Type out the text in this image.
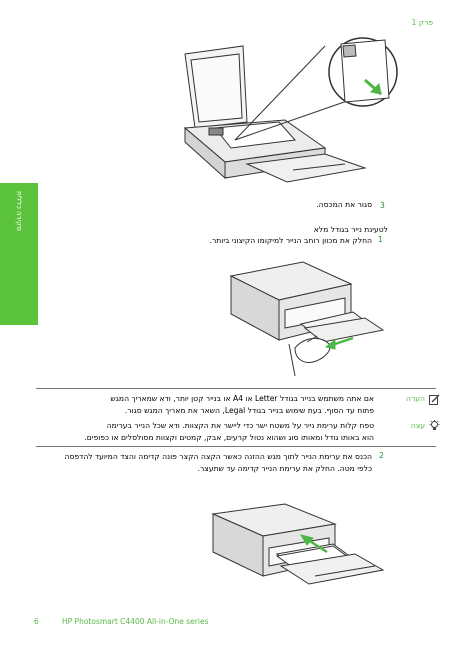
פרק 1
סקירה כללית	3
סגור את המכסה.
לטעינת נייר בגודל מלא
1
החלק את מכוון רוחב הנייר למיקומו הקיצוני ביותר.
הערה
אם אתה משתמש בנייר בגודל Letter או A4 או בנייר קטן יותר, ודא שמאריך המגש
פתוח עד הסוף. בעת שימוש בנייר בגודל Legal, השאר את מאריך המגש סגור.
עצה
טפח קלות ערימת נייר על משטח ישר כדי ליישר את הקצוות. ודא שכל הנייר בערימה
הוא באותו גודל ומאותו סוג ושהוא נטול קרעים, אבק, קמטים וקצוות מסולסלים או כפופים.
2
הכנס את ערימת הנייר לתוך מגש ההזנה כאשר הקצה הקצר פונה קדימה והצד המיועד להדפסה
כלפי מטה. החלק את ערימת הנייר קדימה עד שתעצר.
6	HP Photosmart C4400 All-in-One series
